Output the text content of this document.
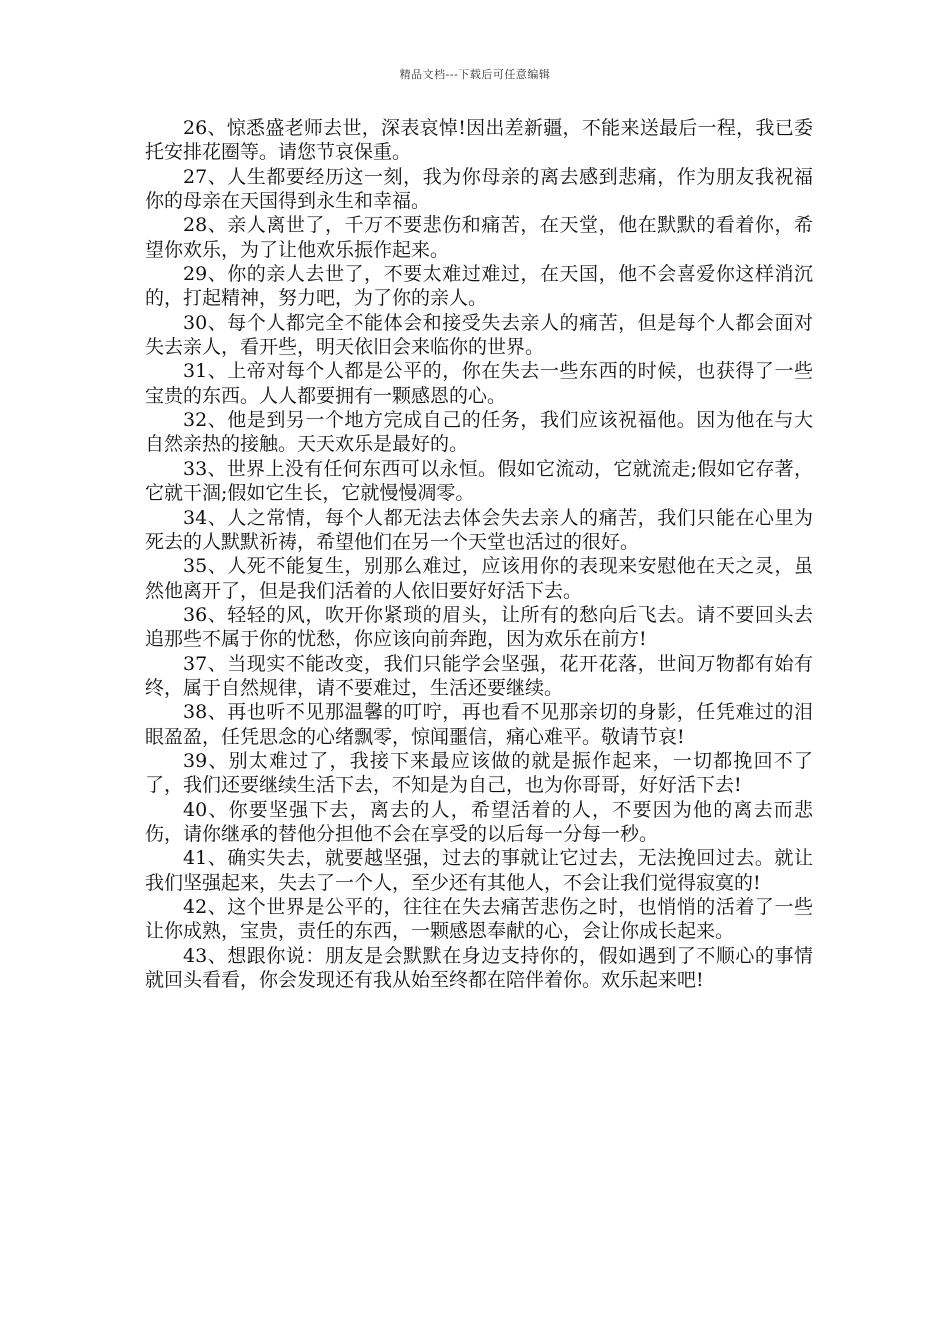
精品文档---下载后可任意编辑

26、惊悉盛老师去世，深表哀悼!因出差新疆，不能来送最后一程，我已委托安排花圈等。请您节哀保重。

27、人生都要经历这一刻，我为你母亲的离去感到悲痛，作为朋友我祝福你的母亲在天国得到永生和幸福。

28、亲人离世了，千万不要悲伤和痛苦，在天堂，他在默默的看着你，希望你欢乐，为了让他欢乐振作起来。

29、你的亲人去世了，不要太难过难过，在天国，他不会喜爱你这样消沉的，打起精神，努力吧，为了你的亲人。

30、每个人都完全不能体会和接受失去亲人的痛苦，但是每个人都会面对失去亲人，看开些，明天依旧会来临你的世界。

31、上帝对每个人都是公平的，你在失去一些东西的时候，也获得了一些宝贵的东西。人人都要拥有一颗感恩的心。

32、他是到另一个地方完成自己的任务，我们应该祝福他。因为他在与大自然亲热的接触。天天欢乐是最好的。

33、世界上没有任何东西可以永恒。假如它流动，它就流走;假如它存著，它就干涸;假如它生长，它就慢慢凋零。

34、人之常情，每个人都无法去体会失去亲人的痛苦，我们只能在心里为死去的人默默祈祷，希望他们在另一个天堂也活过的很好。

35、人死不能复生，别那么难过，应该用你的表现来安慰他在天之灵，虽然他离开了，但是我们活着的人依旧要好好活下去。

36、轻轻的风，吹开你紧琐的眉头，让所有的愁向后飞去。请不要回头去追那些不属于你的忧愁，你应该向前奔跑，因为欢乐在前方!

37、当现实不能改变，我们只能学会坚强，花开花落，世间万物都有始有终，属于自然规律，请不要难过，生活还要继续。

38、再也听不见那温馨的叮咛，再也看不见那亲切的身影，任凭难过的泪眼盈盈，任凭思念的心绪飘零，惊闻噩信，痛心难平。敬请节哀!

39、别太难过了，我接下来最应该做的就是振作起来，一切都挽回不了了，我们还要继续生活下去，不知是为自己，也为你哥哥，好好活下去!

40、你要坚强下去，离去的人，希望活着的人，不要因为他的离去而悲伤，请你继承的替他分担他不会在享受的以后每一分每一秒。

41、确实失去，就要越坚强，过去的事就让它过去，无法挽回过去。就让我们坚强起来，失去了一个人，至少还有其他人，不会让我们觉得寂寞的!

42、这个世界是公平的，往往在失去痛苦悲伤之时，也悄悄的活着了一些让你成熟，宝贵，责任的东西，一颗感恩奉献的心，会让你成长起来。

43、想跟你说：朋友是会默默在身边支持你的，假如遇到了不顺心的事情就回头看看，你会发现还有我从始至终都在陪伴着你。欢乐起来吧!
